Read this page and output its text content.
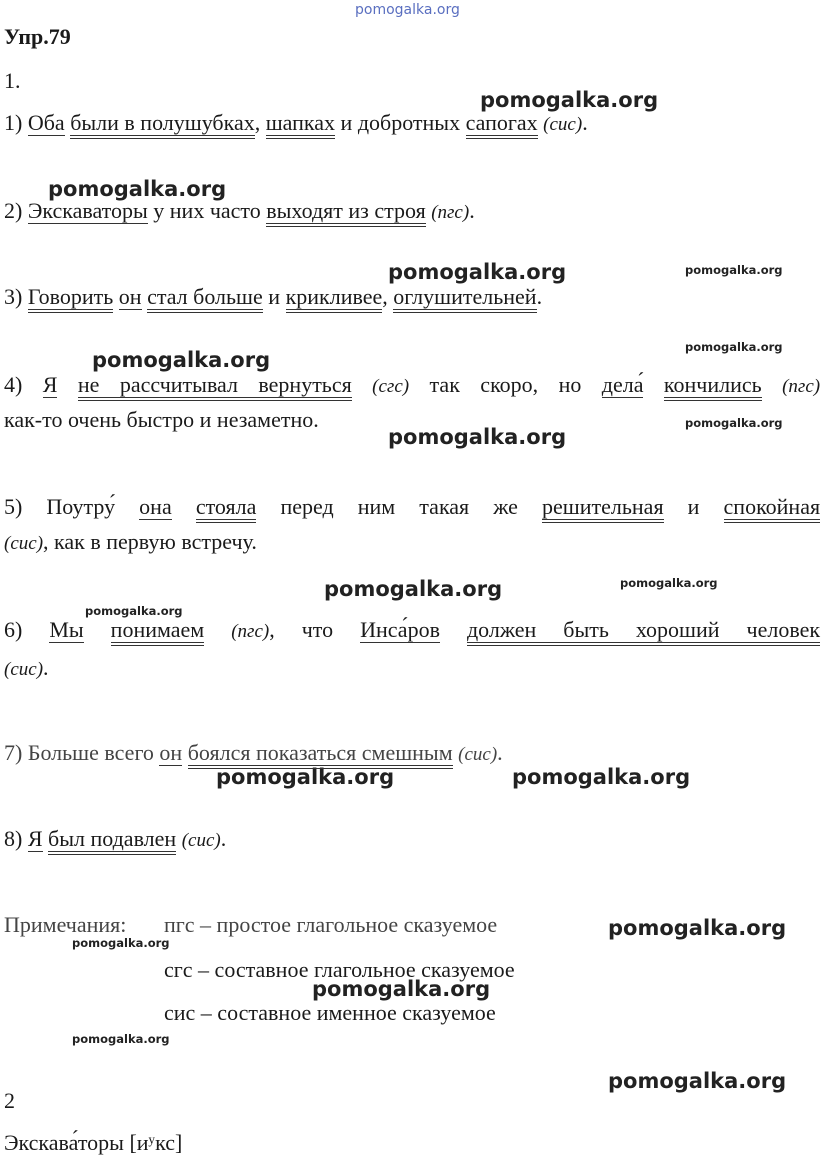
pomogalka.org
Упр.79
1.
pomogalka.org
pomogalka.org
pomogalka.org
pomogalka.org
pomogalka.org
pomogalka.org
pomogalka.org	pomogalka.org
pomogalka.org
pomogalka.org
pomogalka.org
pomogalka.org
pomogalka.org
pomogalka.org
pomogalka.org
pomogalka.org
pomogalka.org
pomogalka.org
1) Оба были в полушубках, шапках и добротных сапогах (сис).
2) Экскаваторы у них часто выходят из строя (пгс).
3) Говорить он стал больше и крикливее, оглушительней.
4) Я не рассчитывал вернуться (сгс) так скоро, но дела́ кончились (пгс)
как-то очень быстро и незаметно.
5) Поутру́ она стояла перед ним такая же решительная и спокойная
(сис), как в первую встречу.
6) Мы понимаем (пгс), что Инса́ров должен быть хороший человек
(сис).
7) Больше всего он боялся показаться смешным (сис).
8) Я был подавлен (сис).
Примечания: пгс – простое глагольное сказуемое
сгс – составное глагольное сказуемое
сис – составное именное сказуемое
2
Экскава́торы [иʸкс]
